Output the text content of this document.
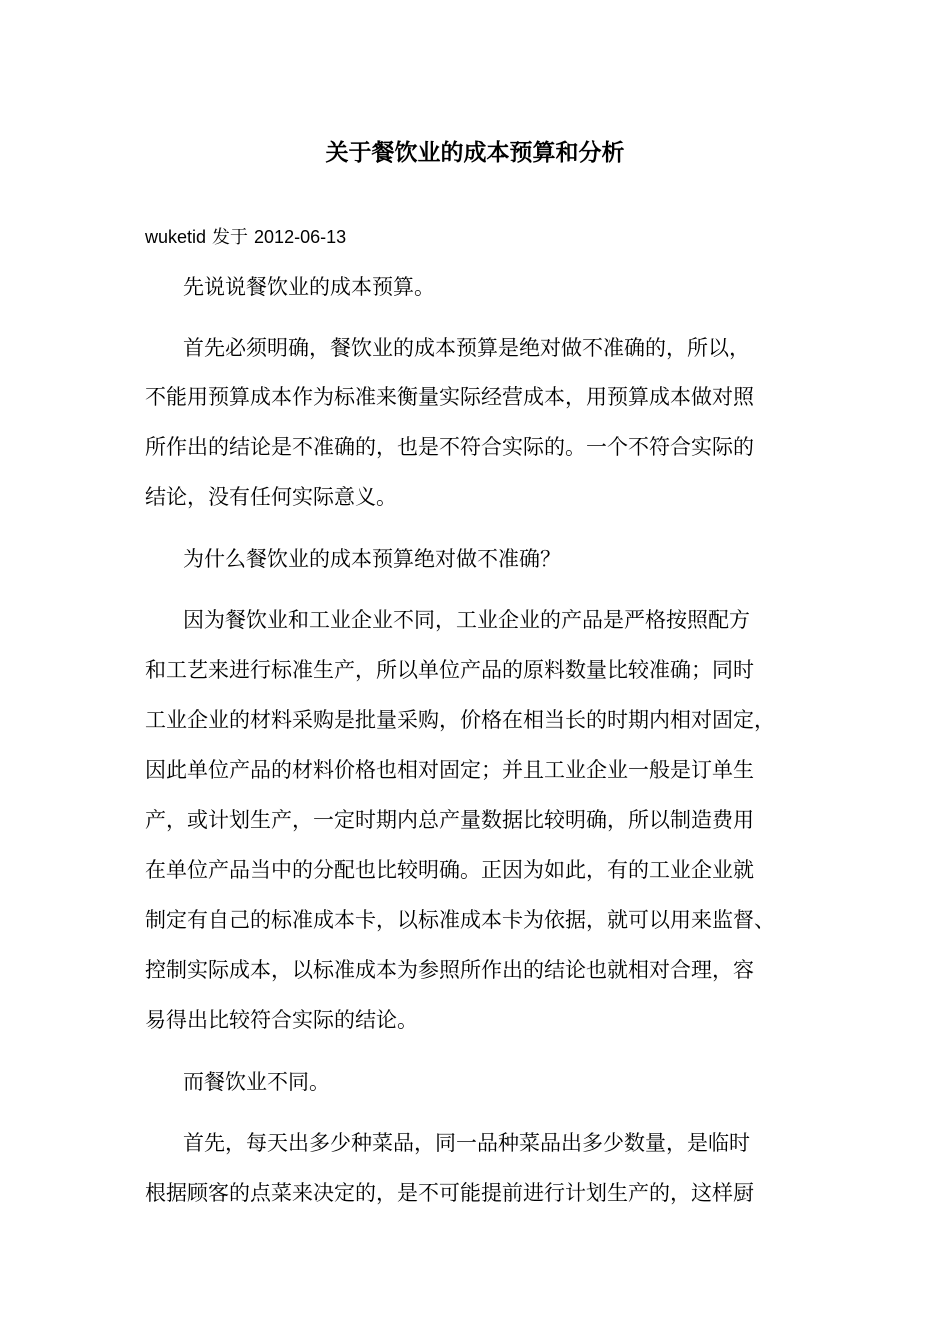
关于餐饮业的成本预算和分析
wuketid 发于 2012-06-13

先说说餐饮业的成本预算。

首先必须明确，餐饮业的成本预算是绝对做不准确的，所以，

不能用预算成本作为标准来衡量实际经营成本，用预算成本做对照

所作出的结论是不准确的，也是不符合实际的。一个不符合实际的

结论，没有任何实际意义。

为什么餐饮业的成本预算绝对做不准确？

因为餐饮业和工业企业不同，工业企业的产品是严格按照配方

和工艺来进行标准生产，所以单位产品的原料数量比较准确；同时

工业企业的材料采购是批量采购，价格在相当长的时期内相对固定，

因此单位产品的材料价格也相对固定；并且工业企业一般是订单生

产，或计划生产，一定时期内总产量数据比较明确，所以制造费用

在单位产品当中的分配也比较明确。正因为如此，有的工业企业就

制定有自己的标准成本卡，以标准成本卡为依据，就可以用来监督、

控制实际成本，以标准成本为参照所作出的结论也就相对合理，容

易得出比较符合实际的结论。

而餐饮业不同。

首先，每天出多少种菜品，同一品种菜品出多少数量，是临时

根据顾客的点菜来决定的，是不可能提前进行计划生产的，这样厨
